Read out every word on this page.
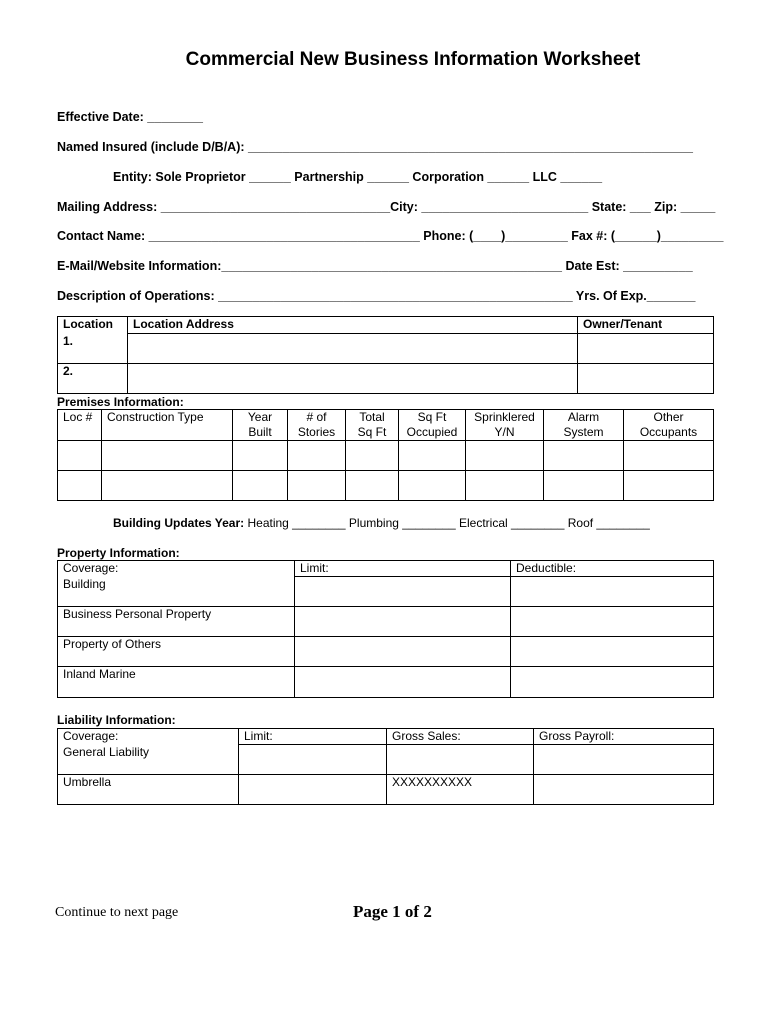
Commercial New Business Information Worksheet
Effective Date: ________
Named Insured (include D/B/A): ________________________________________________________________
Entity: Sole Proprietor ______ Partnership ______ Corporation ______ LLC ______
Mailing Address: _________________________________City: ________________________ State: ___ Zip: _____
Contact Name: _______________________________________ Phone: (____)_________ Fax #: (______)_________
E-Mail/Website Information:_________________________________________________ Date Est: __________
Description of Operations: ___________________________________________________ Yrs. Of Exp._______
Location	Location Address	Owner/Tenant
1.		
2.		
Premises Information:
Loc #	Construction Type	Year Built	# of Stories	Total Sq Ft	Sq Ft Occupied	Sprinklered Y/N	Alarm System	Other Occupants

Building Updates Year: Heating ________ Plumbing ________ Electrical ________ Roof ________
Property Information:
Coverage:	Limit:	Deductible:
Building		
Business Personal Property		
Property of Others		
Inland Marine		
Liability Information:
Coverage:	Limit:	Gross Sales:	Gross Payroll:
General Liability			
Umbrella		XXXXXXXXXX	
Continue to next page	Page 1 of 2
